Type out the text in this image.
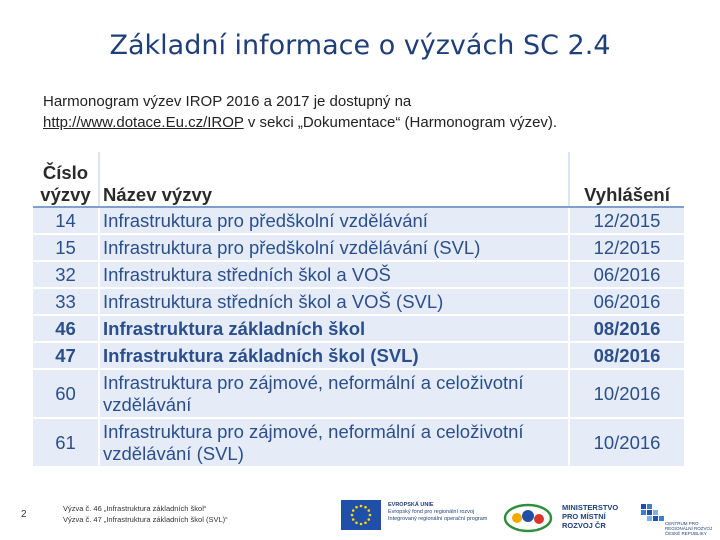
Základní informace o výzvách SC 2.4
Harmonogram výzev IROP 2016 a 2017 je dostupný na
http://www.dotace.Eu.cz/IROP v sekci „Dokumentace“ (Harmonogram výzev).
Číslo
výzvy	Název výzvy	Vyhlášení
14	Infrastruktura pro předškolní vzdělávání	12/2015
15	Infrastruktura pro předškolní vzdělávání (SVL)	12/2015
32	Infrastruktura středních škol a VOŠ	06/2016
33	Infrastruktura středních škol a VOŠ (SVL)	06/2016
46	Infrastruktura základních škol	08/2016
47	Infrastruktura základních škol (SVL)	08/2016
60	Infrastruktura pro zájmové, neformální a celoživotní vzdělávání	10/2016
61	Infrastruktura pro zájmové, neformální a celoživotní vzdělávání (SVL)	10/2016
2
Výzva č. 46 „Infrastruktura základních škol“
Výzva č. 47 „Infrastruktura základních škol (SVL)“
EVROPSKÁ UNIE
Evropský fond pro regionální rozvoj
Integrovaný regionální operační program
MINISTERSTVO
PRO MÍSTNÍ
ROZVOJ ČR	CENTRUM PRO REGIONÁLNÍ ROZVOJ
ČESKÉ REPUBLIKY
